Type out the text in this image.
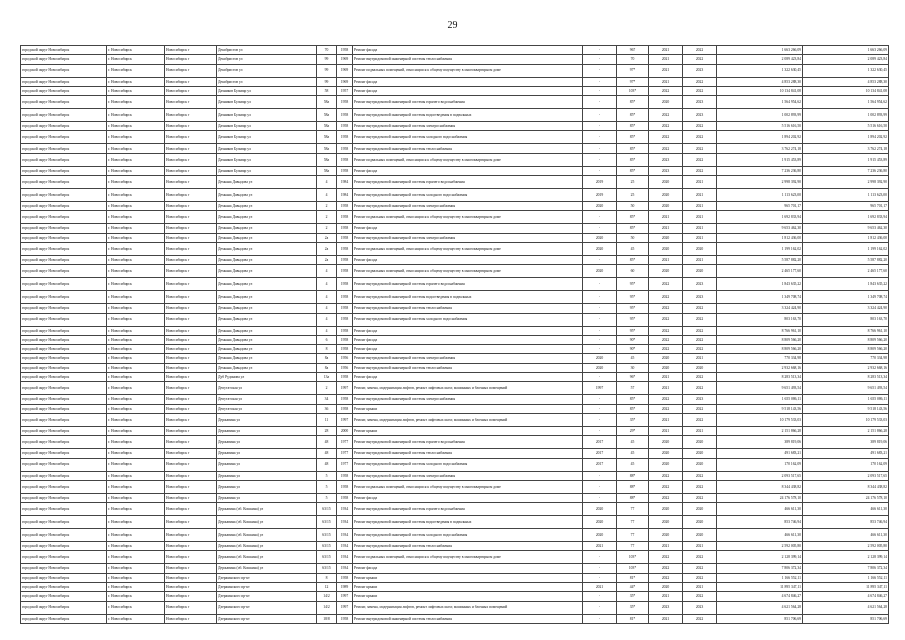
29
городской округ Новосибирск	г. Новосибирск	Новосибирск г	Декабристов ул	70	1958	Ремонт фасада	-	967	2021	2022	1 663 266,09	1 663 266,09
городской округ Новосибирск	г. Новосибирск	Новосибирск г	Декабристов ул	99	1969	Ремонт внутридомовой инженерной системы теплоснабжения	-	70	2021	2022	2 089 423,84	2 089 423,84
городской округ Новосибирск	г. Новосибирск	Новосибирск г	Декабристов ул	99	1969	Ремонт подвальных помещений, относящихся к общему имуществу в многоквартирном доме	-	97*	2021	2023	1 322 630,45	1 322 630,45
городской округ Новосибирск	г. Новосибирск	Новосибирск г	Декабристов ул	99	1969	Ремонт фасада	-	97*	2021	2022	4 853 288,30	4 853 288,30
городской округ Новосибирск	г. Новосибирск	Новосибирск г	Дачников Бульвар ул	58	1957	Ремонт фасада	-	103*	2022	2022	10 134 841,08	10 134 841,08
городской округ Новосибирск	г. Новосибирск	Новосибирск г	Дачников Бульвар ул	58а	1958	Ремонт внутридомовой инженерной системы горячего водоснабжения	-	85*	2020	2023	1 564 954,62	1 564 954,62
городской округ Новосибирск	г. Новосибирск	Новосибирск г	Дачников Бульвар ул	58а	1958	Ремонт внутридомовой инженерной системы водоотведения в подвальных	-	85*	2022	2023	1 002 893,99	1 002 893,99
городской округ Новосибирск	г. Новосибирск	Новосибирск г	Дачников Бульвар ул	58а	1958	Ремонт внутридомовой инженерной системы электроснабжения	-	85*	2022	2022	5 516 616,50	5 516 616,50
городской округ Новосибирск	г. Новосибирск	Новосибирск г	Дачников Бульвар ул	58а	1958	Ремонт внутридомовой инженерной системы холодного водоснабжения	-	85*	2022	2022	1 894 202,92	1 894 202,92
городской округ Новосибирск	г. Новосибирск	Новосибирск г	Дачников Бульвар ул	58а	1958	Ремонт внутридомовой инженерной системы теплоснабжения	-	85*	2022	2022	3 762 274,18	3 762 274,18
городской округ Новосибирск	г. Новосибирск	Новосибирск г	Дачников Бульвар ул	58а	1958	Ремонт подвальных помещений, относящихся к общему имуществу в многоквартирном доме	-	85*	2023	2022	1 915 453,89	1 915 453,89
городской округ Новосибирск	г. Новосибирск	Новосибирск г	Дачников Бульвар ул	58а	1958	Ремонт фасада	-	85*	2023	2022	7 236 236,80	7 236 236,80
городской округ Новосибирск	г. Новосибирск	Новосибирск г	Демьяна Давыдова ул	4	1984	Ремонт внутридомовой инженерной системы горячего водоснабжения	2019	25	2020	2021	2 998 392,90	2 998 392,90
городской округ Новосибирск	г. Новосибирск	Новосибирск г	Демьяна Давыдова ул	4	1984	Ремонт внутридомовой инженерной системы холодного водоснабжения	2019	25	2020	2021	1 113 623,00	1 113 623,00
городской округ Новосибирск	г. Новосибирск	Новосибирск г	Демьяна Давыдова ул	2	1958	Ремонт внутридомовой инженерной системы электроснабжения	2020	50	2020	2021	965 701,17	965 701,17
городской округ Новосибирск	г. Новосибирск	Новосибирск г	Демьяна Давыдова ул	2	1958	Ремонт подвальных помещений, относящихся к общему имуществу в многоквартирном доме	-	85*	2021	2021	1 692 833,94	1 692 833,94
городской округ Новосибирск	г. Новосибирск	Новосибирск г	Демьяна Давыдова ул	2	1958	Ремонт фасада	-	85*	2021	2021	9 653 462,30	9 653 462,30
городской округ Новосибирск	г. Новосибирск	Новосибирск г	Демьяна Давыдова ул	2а	1958	Ремонт внутридомовой инженерной системы электроснабжения	2020	50	2020	2021	1 812 436,00	1 812 436,00
городской округ Новосибирск	г. Новосибирск	Новосибирск г	Демьяна Давыдова ул	2а	1958	Ремонт подвальных помещений, относящихся к общему имуществу в многоквартирном доме	2020	45	2020	2020	1 199 162,02	1 199 162,02
городской округ Новосибирск	г. Новосибирск	Новосибирск г	Демьяна Давыдова ул	2а	1958	Ремонт фасада	-	85*	2021	2021	5 587 882,20	5 587 882,20
городской округ Новосибирск	г. Новосибирск	Новосибирск г	Демьяна Давыдова ул	4	1958	Ремонт подвальных помещений, относящихся к общему имуществу в многоквартирном доме	2020	60	2020	2020	2 465 177,60	2 465 177,60
городской округ Новосибирск	г. Новосибирск	Новосибирск г	Демьяна Давыдова ул	4	1958	Ремонт внутридомовой инженерной системы горячего водоснабжения	-	95*	2022	2023	1 843 635,22	1 843 635,22
городской округ Новосибирск	г. Новосибирск	Новосибирск г	Демьяна Давыдова ул	4	1958	Ремонт внутридомовой инженерной системы водоотведения в подвальных	-	95*	2022	2023	1 349 708,74	1 349 708,74
городской округ Новосибирск	г. Новосибирск	Новосибирск г	Демьяна Давыдова ул	4	1958	Ремонт внутридомовой инженерной системы теплоснабжения	-	95*	2022	2022	3 324 424,90	3 324 424,90
городской округ Новосибирск	г. Новосибирск	Новосибирск г	Демьяна Давыдова ул	4	1958	Ремонт внутридомовой инженерной системы холодного водоснабжения	-	95*	2022	2022	803 163,70	803 163,70
городской округ Новосибирск	г. Новосибирск	Новосибирск г	Демьяна Давыдова ул	4	1958	Ремонт фасада	-	95*	2022	2022	8 766 961,10	8 766 961,10
городской округ Новосибирск	г. Новосибирск	Новосибирск г	Демьяна Давыдова ул	6	1958	Ремонт фасада	-	90*	2022	2022	8 809 566,20	8 809 566,20
городской округ Новосибирск	г. Новосибирск	Новосибирск г	Демьяна Давыдова ул	8	1958	Ремонт фасада	-	90*	2022	2022	8 809 566,20	8 809 566,20
городской округ Новосибирск	г. Новосибирск	Новосибирск г	Демьяна Давыдова ул	8а	1956	Ремонт внутридомовой инженерной системы электроснабжения	2020	45	2020	2021	770 334,98	770 334,98
городской округ Новосибирск	г. Новосибирск	Новосибирск г	Демьяна Давыдова ул	8а	1956	Ремонт внутридомовой инженерной системы теплоснабжения	2020	30	2020	2020	2 932 668,16	2 932 668,16
городской округ Новосибирск	г. Новосибирск	Новосибирск г	Дуб Рудинова ул	13а	1958	Ремонт фасада	-	96*	2021	2022	8 283 513,34	8 283 513,34
городской округ Новосибирск	г. Новосибирск	Новосибирск г	Депутатская ул	2	1997	Ремонт, замена, модернизация лифтов, ремонт лифтовых шахт, машинных и блочных помещений	1997	57	2021	2022	9 651 493,54	9 651 493,54
городской округ Новосибирск	г. Новосибирск	Новосибирск г	Депутатская ул	34	1958	Ремонт внутридомовой инженерной системы электроснабжения	-	85*	2022	2023	1 655 086,11	1 655 086,11
городской округ Новосибирск	г. Новосибирск	Новосибирск г	Депутатская ул	36	1958	Ремонт крыши	-	85*	2022	2022	9 518 143,56	9 518 143,56
городской округ Новосибирск	г. Новосибирск	Новосибирск г	Державина ул	11	1997	Ремонт, замена, модернизация лифтов, ремонт лифтовых шахт, машинных и блочных помещений	-	35*	2021	2022	10 179 533,03	10 179 533,03
городской округ Новосибирск	г. Новосибирск	Новосибирск г	Державина ул	28	2000	Ремонт крыши	-	29*	2021	2021	2 151 866,28	2 151 866,28
городской округ Новосибирск	г. Новосибирск	Новосибирск г	Державина ул	48	1977	Ремонт внутридомовой инженерной системы горячего водоснабжения	2017	45	2020	2020	389 819,06	389 819,06
городской округ Новосибирск	г. Новосибирск	Новосибирск г	Державина ул	48	1977	Ремонт внутридомовой инженерной системы теплоснабжения	2017	45	2020	2020	491 683,21	491 683,21
городской округ Новосибирск	г. Новосибирск	Новосибирск г	Державина ул	48	1977	Ремонт внутридомовой инженерной системы холодного водоснабжения	2017	45	2020	2020	170 162,09	170 162,09
городской округ Новосибирск	г. Новосибирск	Новосибирск г	Державина ул	5	1958	Ремонт внутридомовой инженерной системы электроснабжения	-	88*	2022	2022	2 093 517,65	2 093 517,65
городской округ Новосибирск	г. Новосибирск	Новосибирск г	Державина ул	5	1958	Ремонт подвальных помещений, относящихся к общему имуществу в многоквартирном доме	-	88*	2022	2022	8 344 438,82	8 344 438,82
городской округ Новосибирск	г. Новосибирск	Новосибирск г	Державина ул	5	1958	Ремонт фасада	-	88*	2022	2022	24 176 578,10	24 176 578,10
городской округ Новосибирск	г. Новосибирск	Новосибирск г	Державина (об. Кошкина) ул	63/15	1934	Ремонт внутридомовой инженерной системы горячего водоснабжения	2020	77	2020	2020	466 611,30	466 611,30
городской округ Новосибирск	г. Новосибирск	Новосибирск г	Державина (об. Кошкина) ул	63/15	1934	Ремонт внутридомовой инженерной системы водоотведения в подвальных	2020	77	2020	2020	853 746,94	853 746,94
городской округ Новосибирск	г. Новосибирск	Новосибирск г	Державина (об. Кошкина) ул	63/15	1934	Ремонт внутридомовой инженерной системы холодного водоснабжения	2020	77	2020	2020	466 611,30	466 611,30
городской округ Новосибирск	г. Новосибирск	Новосибирск г	Державина (об. Кошкина) ул	63/15	1934	Ремонт внутридомовой инженерной системы теплоснабжения	2021	77	2021	2021	2 592 005,80	2 592 005,80
городской округ Новосибирск	г. Новосибирск	Новосибирск г	Державина (об. Кошкина) ул	63/15	1934	Ремонт подвальных помещений, относящихся к общему имуществу в многоквартирном доме	-	103*	2022	2022	2 128 399,14	2 128 399,14
городской округ Новосибирск	г. Новосибирск	Новосибирск г	Державина (об. Кошкина) ул	63/15	1934	Ремонт фасада	-	103*	2022	2022	7 806 372,34	7 806 372,34
городской округ Новосибирск	г. Новосибирск	Новосибирск г	Дзержинского пр-кт	8	1958	Ремонт крыши	-	81*	2022	2022	1 166 552,11	1 166 552,11
городской округ Новосибирск	г. Новосибирск	Новосибирск г	Дзержинского пр-кт	12	1989	Ремонт крыши	2021	44*	2020	2021	11 895 347,11	11 895 347,11
городской округ Новосибирск	г. Новосибирск	Новосибирск г	Дзержинского пр-кт	14/2	1997	Ремонт крыши	-	35*	2021	2022	4 674 846,27	4 674 846,27
городской округ Новосибирск	г. Новосибирск	Новосибирск г	Дзержинского пр-кт	14/2	1997	Ремонт, замена, модернизация лифтов, ремонт лифтовых шахт, машинных и блочных помещений	-	35*	2023	2023	4 621 564,28	4 621 564,28
городской округ Новосибирск	г. Новосибирск	Новосибирск г	Дзержинского пр-кт	18/8	1958	Ремонт внутридомовой инженерной системы теплоснабжения	-	81*	2021	2022	851 706,69	851 706,69
